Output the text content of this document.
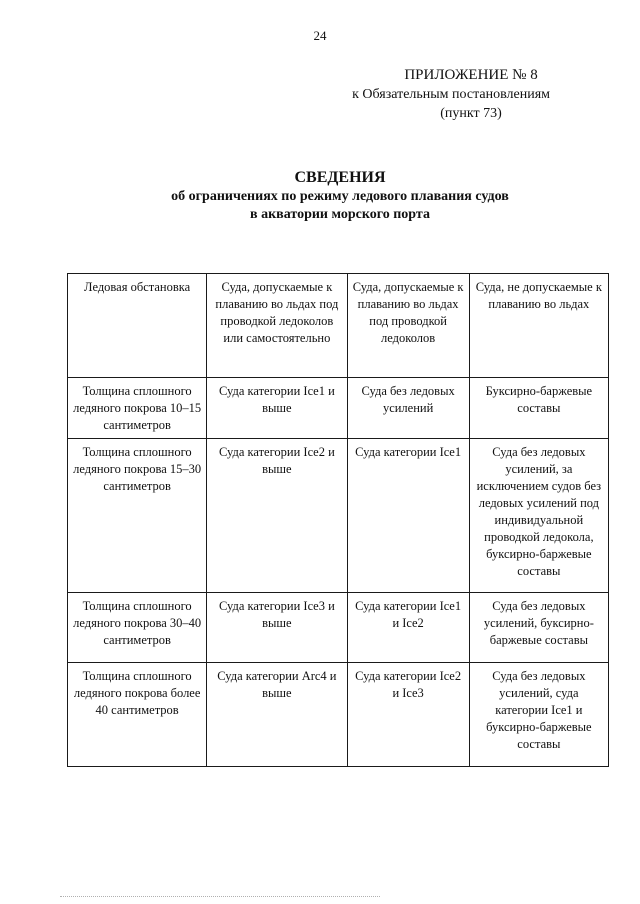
24
ПРИЛОЖЕНИЕ № 8
к Обязательным постановлениям
(пункт 73)
СВЕДЕНИЯ
об ограничениях по режиму ледового плавания судов
в акватории морского порта
Ледовая обстановка	Суда, допускаемые к плаванию во льдах под проводкой ледоколов или самостоятельно	Суда, допускаемые к плаванию во льдах под проводкой ледоколов	Суда, не допускаемые к плаванию во льдах
Толщина сплошного ледяного покрова 10–15 сантиметров	Суда категории Ice1 и выше	Суда без ледовых усилений	Буксирно-баржевые составы
Толщина сплошного ледяного покрова 15–30 сантиметров	Суда категории Ice2 и выше	Суда категории Ice1	Суда без ледовых усилений, за исключением судов без ледовых усилений под индивидуальной проводкой ледокола, буксирно-баржевые составы
Толщина сплошного ледяного покрова 30–40 сантиметров	Суда категории Ice3 и выше	Суда категории Ice1 и Ice2	Суда без ледовых усилений, буксирно-баржевые составы
Толщина сплошного ледяного покрова более 40 сантиметров	Суда категории Arc4 и выше	Суда категории Ice2 и Ice3	Суда без ледовых усилений, суда категории Ice1 и буксирно-баржевые составы
